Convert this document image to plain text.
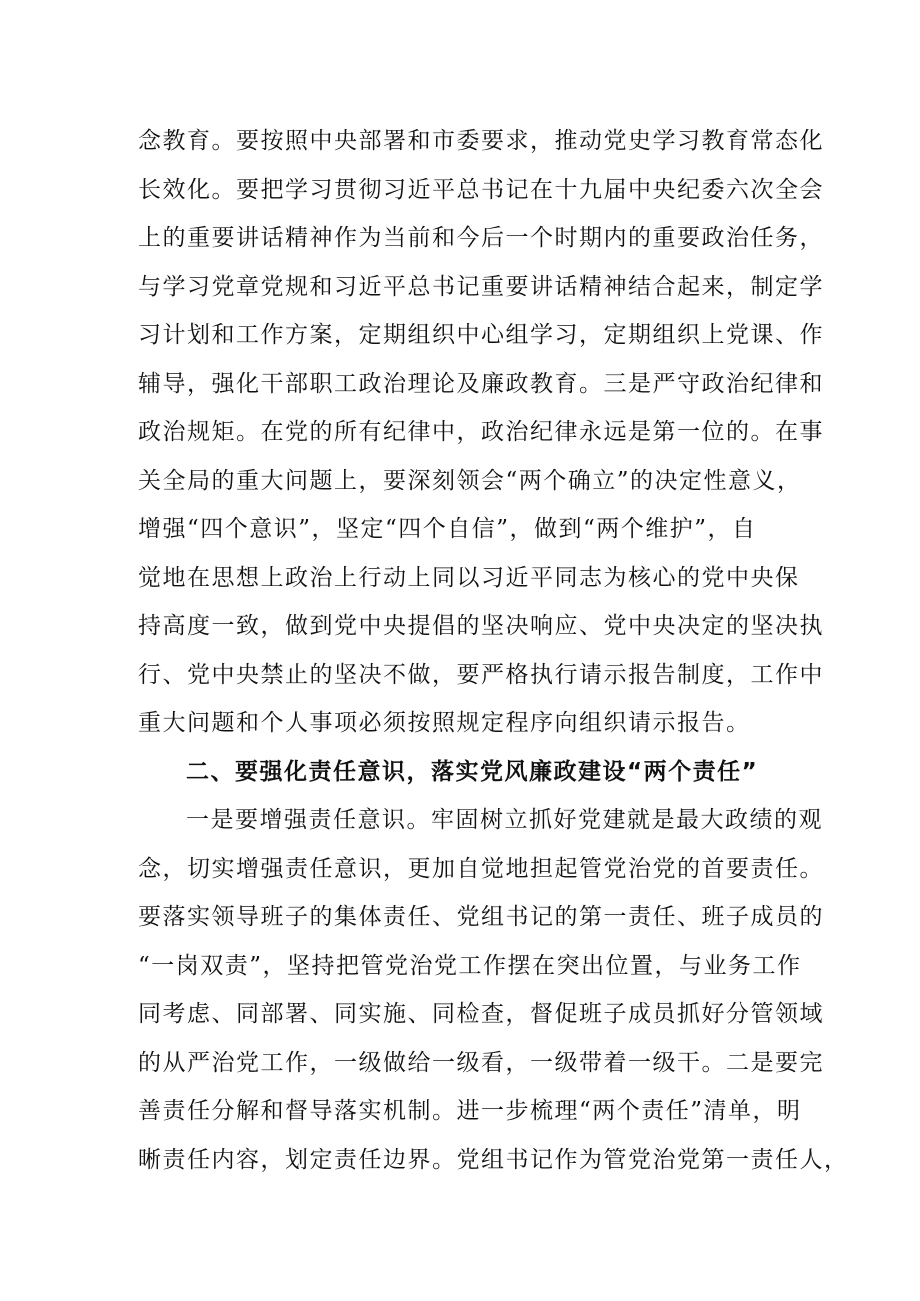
念教育。要按照中央部署和市委要求，推动党史学习教育常态化
长效化。要把学习贯彻习近平总书记在十九届中央纪委六次全会
上的重要讲话精神作为当前和今后一个时期内的重要政治任务，
与学习党章党规和习近平总书记重要讲话精神结合起来，制定学
习计划和工作方案，定期组织中心组学习，定期组织上党课、作
辅导，强化干部职工政治理论及廉政教育。三是严守政治纪律和
政治规矩。在党的所有纪律中，政治纪律永远是第一位的。在事
关全局的重大问题上，要深刻领会“两个确立”的决定性意义，
增强“四个意识”，坚定“四个自信”，做到“两个维护”，自
觉地在思想上政治上行动上同以习近平同志为核心的党中央保
持高度一致，做到党中央提倡的坚决响应、党中央决定的坚决执
行、党中央禁止的坚决不做，要严格执行请示报告制度，工作中
重大问题和个人事项必须按照规定程序向组织请示报告。
二、要强化责任意识，落实党风廉政建设“两个责任”
一是要增强责任意识。牢固树立抓好党建就是最大政绩的观
念，切实增强责任意识，更加自觉地担起管党治党的首要责任。
要落实领导班子的集体责任、党组书记的第一责任、班子成员的
“一岗双责”，坚持把管党治党工作摆在突出位置，与业务工作
同考虑、同部署、同实施、同检查，督促班子成员抓好分管领域
的从严治党工作，一级做给一级看，一级带着一级干。二是要完
善责任分解和督导落实机制。进一步梳理“两个责任”清单，明
晰责任内容，划定责任边界。党组书记作为管党治党第一责任人，
